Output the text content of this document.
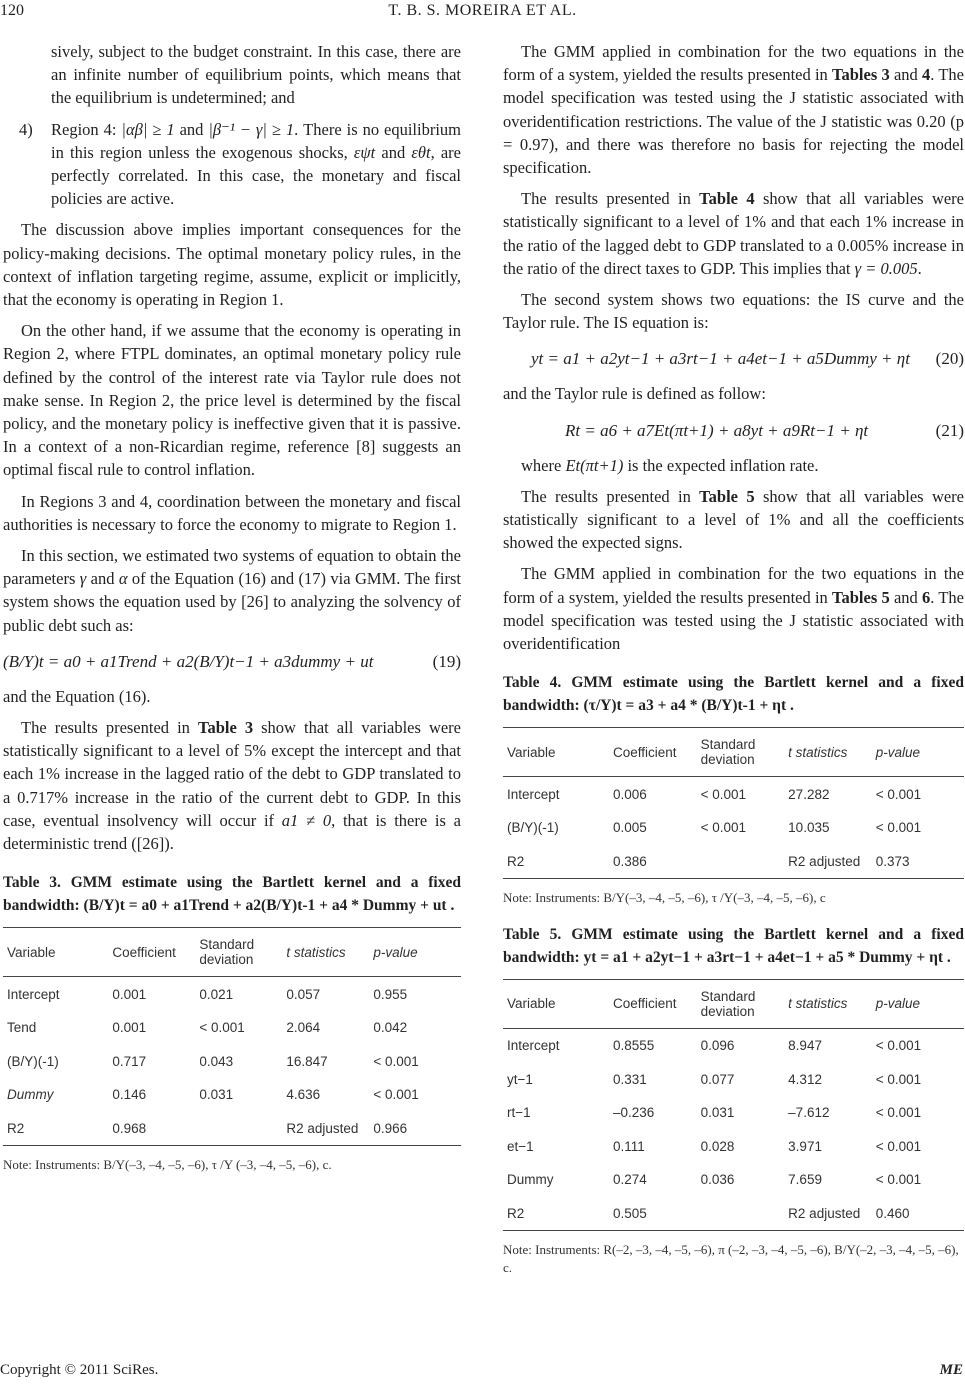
120	T. B. S. MOREIRA ET AL.

sively, subject to the budget constraint. In this case, there are an infinite number of equilibrium points, which means that the equilibrium is undetermined; and

4) Region 4: |αβ| ≥ 1 and |β⁻¹ − γ| ≥ 1. There is no equilibrium in this region unless the exogenous shocks, εψt and εθt, are perfectly correlated. In this case, the monetary and fiscal policies are active.

The discussion above implies important consequences for the policy-making decisions. The optimal monetary policy rules, in the context of inflation targeting regime, assume, explicit or implicitly, that the economy is operating in Region 1.

On the other hand, if we assume that the economy is operating in Region 2, where FTPL dominates, an optimal monetary policy rule defined by the control of the interest rate via Taylor rule does not make sense. In Region 2, the price level is determined by the fiscal policy, and the monetary policy is ineffective given that it is passive. In a context of a non-Ricardian regime, reference [8] suggests an optimal fiscal rule to control inflation.

In Regions 3 and 4, coordination between the monetary and fiscal authorities is necessary to force the economy to migrate to Region 1.

In this section, we estimated two systems of equation to obtain the parameters γ and α of the Equation (16) and (17) via GMM. The first system shows the equation used by [26] to analyzing the solvency of public debt such as:

(B/Y)t = a0 + a1Trend + a2(B/Y)t−1 + a3dummy + ut	(19)

and the Equation (16).

The results presented in Table 3 show that all variables were statistically significant to a level of 5% except the intercept and that each 1% increase in the lagged ratio of the debt to GDP translated to a 0.717% increase in the ratio of the current debt to GDP. In this case, eventual insolvency will occur if a1 ≠ 0, that is there is a deterministic trend ([26]).

Table 3. GMM estimate using the Bartlett kernel and a fixed bandwidth: (B/Y)t = a0 + a1Trend + a2(B/Y)t-1 + a4 * Dummy + ut .
Variable	Coefficient	Standard deviation	t statistics	p-value
Intercept	0.001	0.021	0.057	0.955
Tend	0.001	< 0.001	2.064	0.042
(B/Y)(-1)	0.717	0.043	16.847	< 0.001
Dummy	0.146	0.031	4.636	< 0.001
R2	0.968		R2 adjusted	0.966
Note: Instruments: B/Y(–3, –4, –5, –6), τ /Y (–3, –4, –5, –6), c.

The GMM applied in combination for the two equations in the form of a system, yielded the results presented in Tables 3 and 4. The model specification was tested using the J statistic associated with overidentification restrictions. The value of the J statistic was 0.20 (p = 0.97), and there was therefore no basis for rejecting the model specification.

The results presented in Table 4 show that all variables were statistically significant to a level of 1% and that each 1% increase in the ratio of the lagged debt to GDP translated to a 0.005% increase in the ratio of the direct taxes to GDP. This implies that γ = 0.005.

The second system shows two equations: the IS curve and the Taylor rule. The IS equation is:

yt = a1 + a2yt−1 + a3rt−1 + a4et−1 + a5Dummy + ηt (20)

and the Taylor rule is defined as follow:

Rt = a6 + a7Et(πt+1) + a8yt + a9Rt−1 + ηt	(21)

where Et(πt+1) is the expected inflation rate.

The results presented in Table 5 show that all variables were statistically significant to a level of 1% and all the coefficients showed the expected signs.

The GMM applied in combination for the two equations in the form of a system, yielded the results presented in Tables 5 and 6. The model specification was tested using the J statistic associated with overidentification

Table 4. GMM estimate using the Bartlett kernel and a fixed bandwidth: (τ/Y)t = a3 + a4 * (B/Y)t-1 + ηt .
Variable	Coefficient	Standard deviation	t statistics	p-value
Intercept	0.006	< 0.001	27.282	< 0.001
(B/Y)(-1)	0.005	< 0.001	10.035	< 0.001
R2	0.386		R2 adjusted	0.373
Note: Instruments: B/Y(–3, –4, –5, –6), τ /Y(–3, –4, –5, –6), c
Table 5. GMM estimate using the Bartlett kernel and a fixed bandwidth: yt = a1 + a2yt−1 + a3rt−1 + a4et−1 + a5 * Dummy + ηt .
Variable	Coefficient	Standard deviation	t statistics	p-value
Intercept	0.8555	0.096	8.947	< 0.001
yt−1	0.331	0.077	4.312	< 0.001
rt−1	–0.236	0.031	–7.612	< 0.001
et−1	0.111	0.028	3.971	< 0.001
Dummy	0.274	0.036	7.659	< 0.001
R2	0.505		R2 adjusted	0.460
Note: Instruments: R(–2, –3, –4, –5, –6), π (–2, –3, –4, –5, –6), B/Y(–2, –3, –4, –5, –6), c.
Copyright © 2011 SciRes.	ME
